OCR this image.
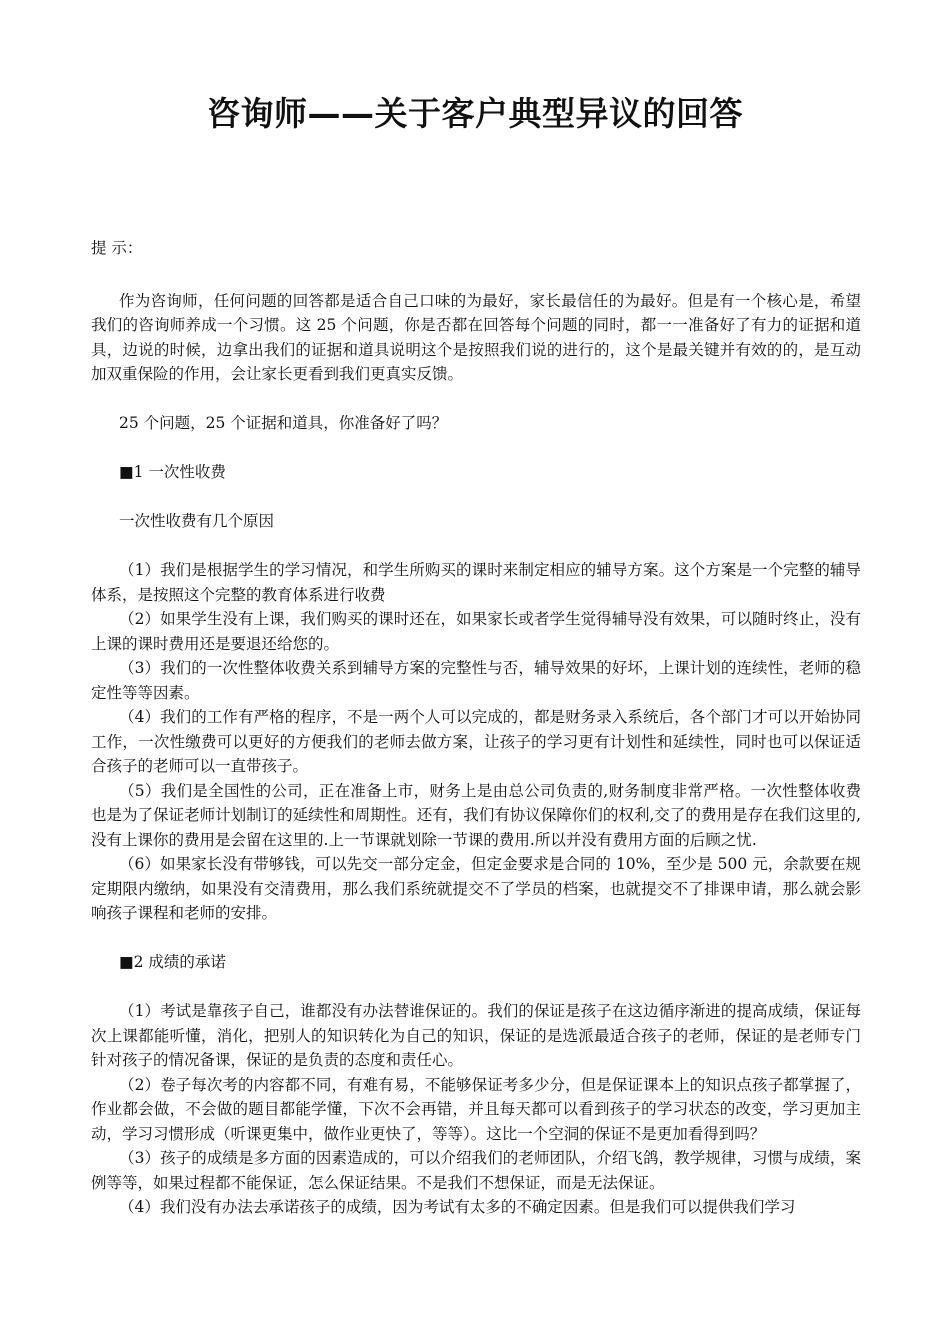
咨询师——关于客户典型异议的回答

提 示：

作为咨询师，任何问题的回答都是适合自己口味的为最好，家长最信任的为最好。但是有一个核心是，希望我们的咨询师养成一个习惯。这 25 个问题，你是否都在回答每个问题的同时，都一一准备好了有力的证据和道具，边说的时候，边拿出我们的证据和道具说明这个是按照我们说的进行的，这个是最关键并有效的的，是互动加双重保险的作用，会让家长更看到我们更真实反馈。

25 个问题，25 个证据和道具，你准备好了吗？

■1 一次性收费

一次性收费有几个原因

（1）我们是根据学生的学习情况，和学生所购买的课时来制定相应的辅导方案。这个方案是一个完整的辅导体系，是按照这个完整的教育体系进行收费

（2）如果学生没有上课，我们购买的课时还在，如果家长或者学生觉得辅导没有效果，可以随时终止，没有上课的课时费用还是要退还给您的。

（3）我们的一次性整体收费关系到辅导方案的完整性与否，辅导效果的好坏，上课计划的连续性，老师的稳定性等等因素。

（4）我们的工作有严格的程序，不是一两个人可以完成的，都是财务录入系统后，各个部门才可以开始协同工作，一次性缴费可以更好的方便我们的老师去做方案，让孩子的学习更有计划性和延续性，同时也可以保证适合孩子的老师可以一直带孩子。

（5）我们是全国性的公司，正在准备上市，财务上是由总公司负责的,财务制度非常严格。一次性整体收费也是为了保证老师计划制订的延续性和周期性。还有，我们有协议保障你们的权利,交了的费用是存在我们这里的,没有上课你的费用是会留在这里的.上一节课就划除一节课的费用.所以并没有费用方面的后顾之忧.

（6）如果家长没有带够钱，可以先交一部分定金，但定金要求是合同的 10%，至少是 500 元，余款要在规定期限内缴纳，如果没有交清费用，那么我们系统就提交不了学员的档案，也就提交不了排课申请，那么就会影响孩子课程和老师的安排。

■2 成绩的承诺

（1）考试是靠孩子自己，谁都没有办法替谁保证的。我们的保证是孩子在这边循序渐进的提高成绩，保证每次上课都能听懂，消化，把别人的知识转化为自己的知识，保证的是选派最适合孩子的老师，保证的是老师专门针对孩子的情况备课，保证的是负责的态度和责任心。

（2）卷子每次考的内容都不同，有难有易，不能够保证考多少分，但是保证课本上的知识点孩子都掌握了，作业都会做，不会做的题目都能学懂，下次不会再错，并且每天都可以看到孩子的学习状态的改变，学习更加主动，学习习惯形成（听课更集中，做作业更快了，等等）。这比一个空洞的保证不是更加看得到吗？

（3）孩子的成绩是多方面的因素造成的，可以介绍我们的老师团队，介绍飞鸽，教学规律，习惯与成绩，案例等等，如果过程都不能保证，怎么保证结果。不是我们不想保证，而是无法保证。

（4）我们没有办法去承诺孩子的成绩，因为考试有太多的不确定因素。但是我们可以提供我们学习
